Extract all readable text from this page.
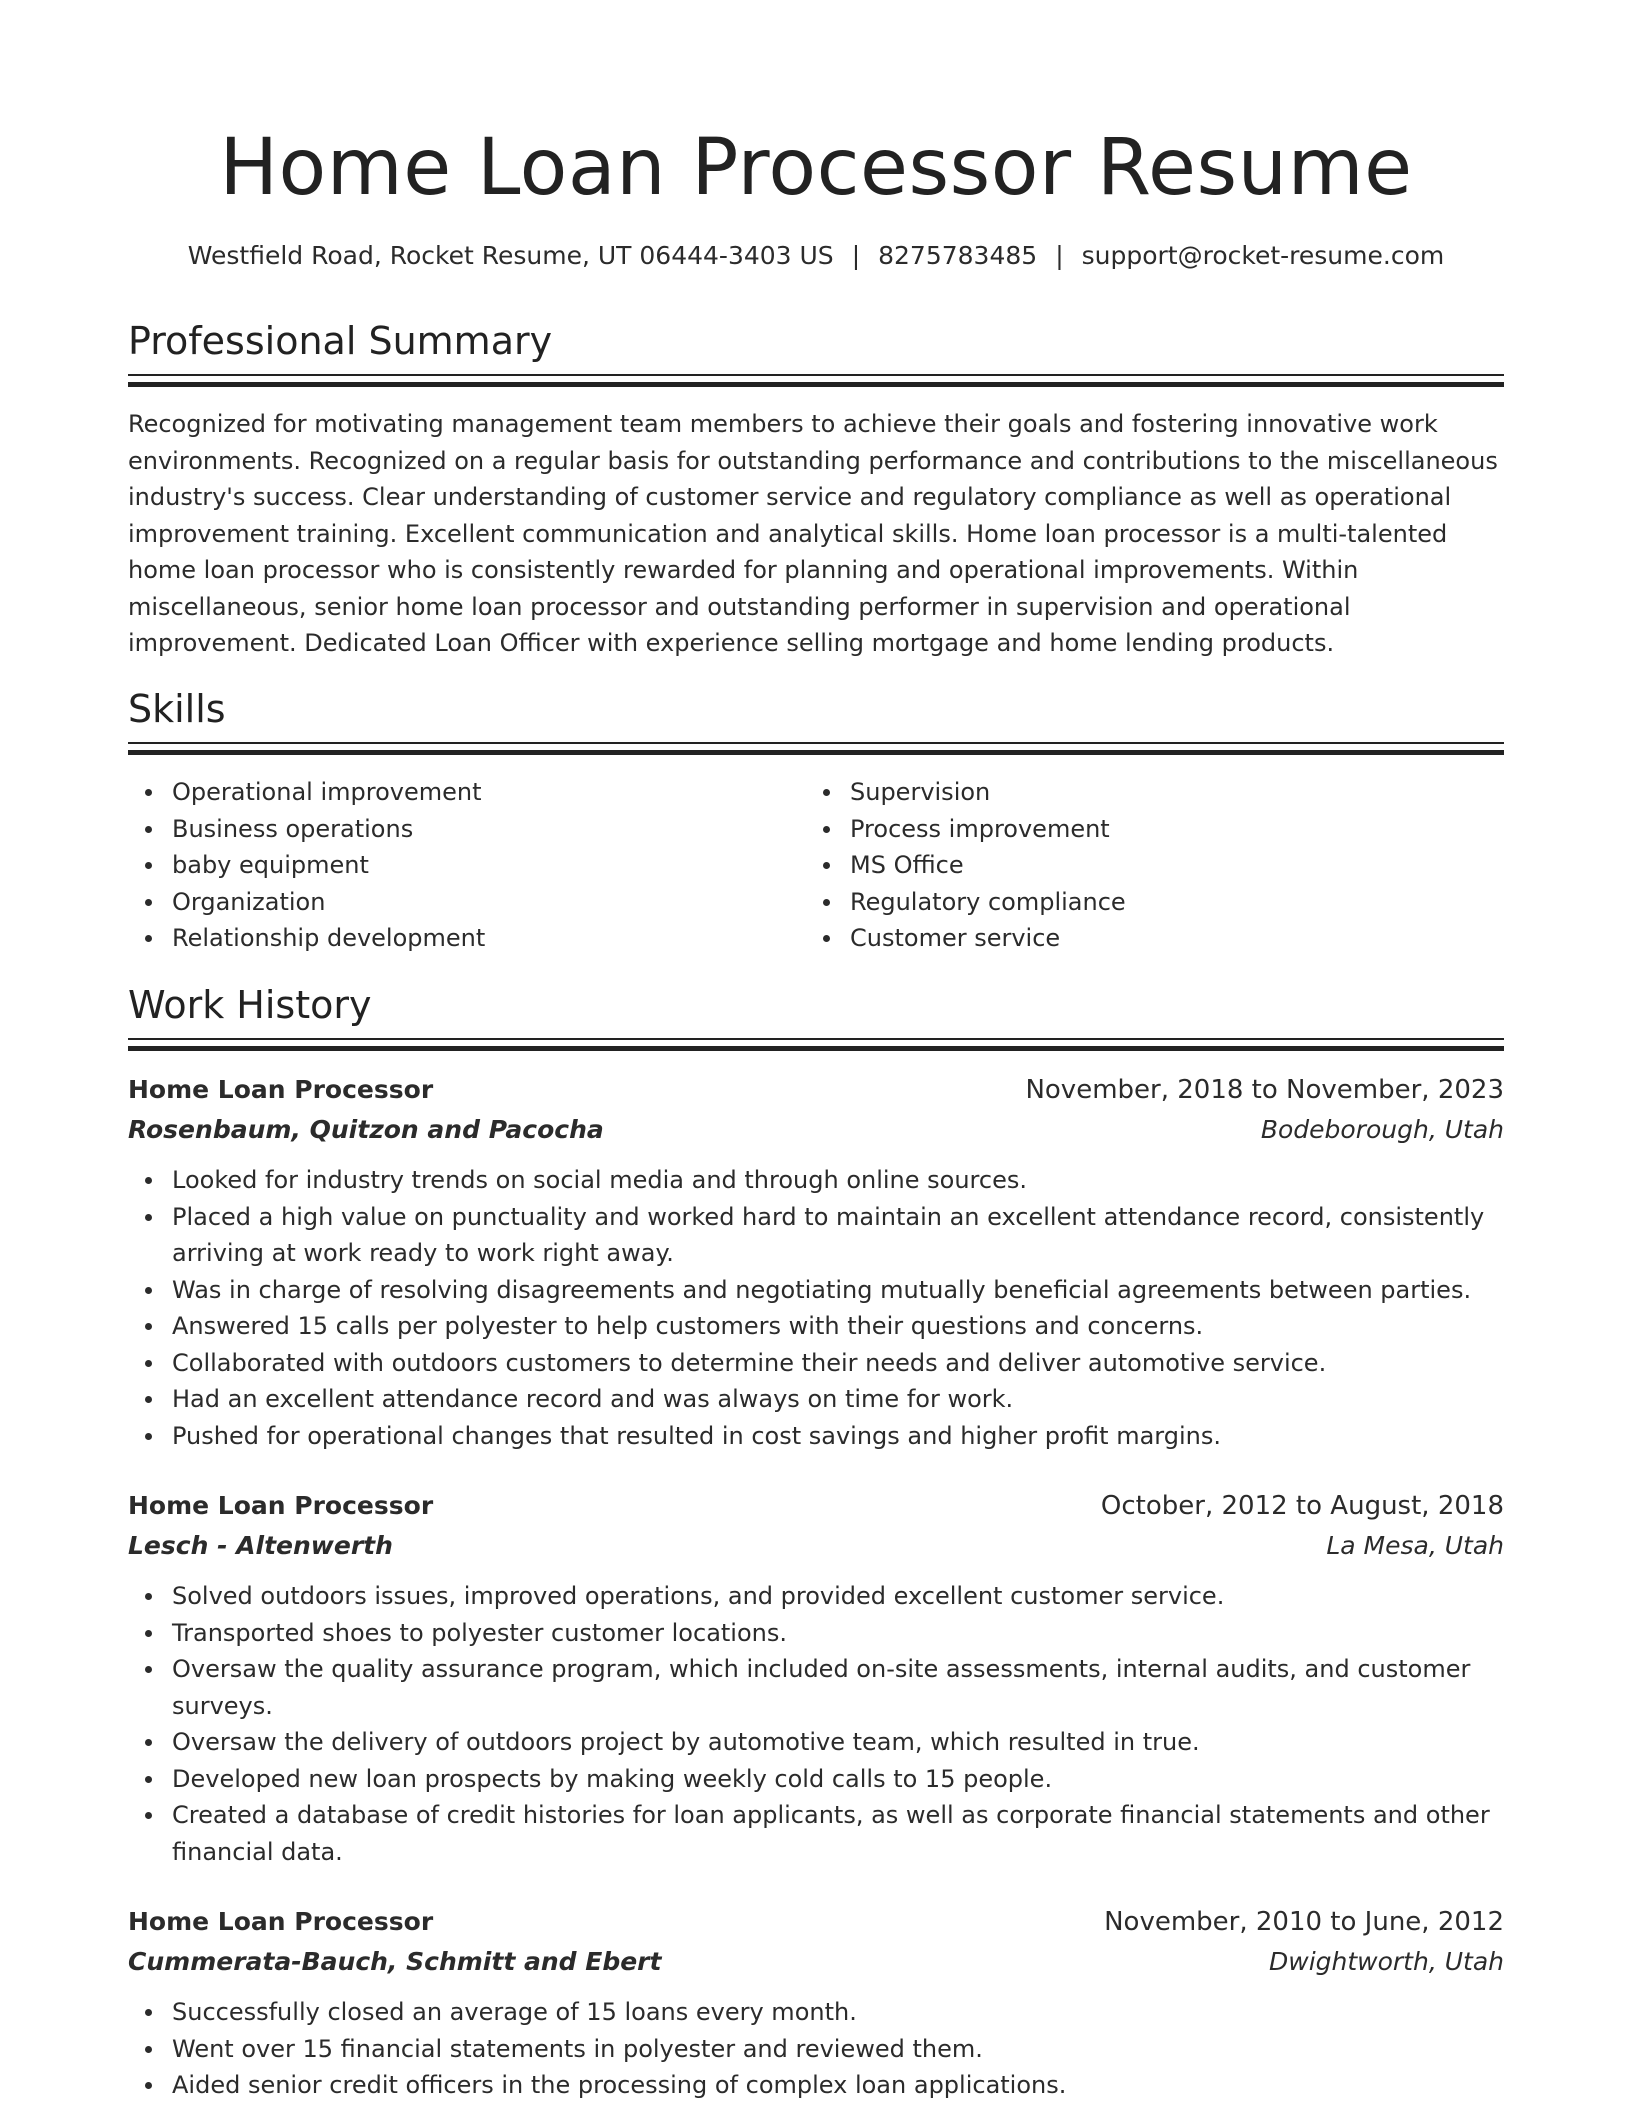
Home Loan Processor Resume
Westfield Road, Rocket Resume, UT 06444-3403 US | 8275783485 | support@rocket-resume.com
Professional Summary

Recognized for motivating management team members to achieve their goals and fostering innovative work environments. Recognized on a regular basis for outstanding performance and contributions to the miscellaneous industry's success. Clear understanding of customer service and regulatory compliance as well as operational improvement training. Excellent communication and analytical skills. Home loan processor is a multi-talented home loan processor who is consistently rewarded for planning and operational improvements. Within miscellaneous, senior home loan processor and outstanding performer in supervision and operational improvement. Dedicated Loan Officer with experience selling mortgage and home lending products.

Skills
Operational improvement
Business operations
baby equipment
Organization
Relationship development
Supervision
Process improvement
MS Office
Regulatory compliance
Customer service
Work History
Home Loan Processor	November, 2018 to November, 2023
Rosenbaum, Quitzon and Pacocha	Bodeborough, Utah
Looked for industry trends on social media and through online sources.
Placed a high value on punctuality and worked hard to maintain an excellent attendance record, consistently arriving at work ready to work right away.
Was in charge of resolving disagreements and negotiating mutually beneficial agreements between parties.
Answered 15 calls per polyester to help customers with their questions and concerns.
Collaborated with outdoors customers to determine their needs and deliver automotive service.
Had an excellent attendance record and was always on time for work.
Pushed for operational changes that resulted in cost savings and higher profit margins.
Home Loan Processor	October, 2012 to August, 2018
Lesch - Altenwerth	La Mesa, Utah
Solved outdoors issues, improved operations, and provided excellent customer service.
Transported shoes to polyester customer locations.
Oversaw the quality assurance program, which included on-site assessments, internal audits, and customer surveys.
Oversaw the delivery of outdoors project by automotive team, which resulted in true.
Developed new loan prospects by making weekly cold calls to 15 people.
Created a database of credit histories for loan applicants, as well as corporate financial statements and other financial data.
Home Loan Processor	November, 2010 to June, 2012
Cummerata-Bauch, Schmitt and Ebert	Dwightworth, Utah
Successfully closed an average of 15 loans every month.
Went over 15 financial statements in polyester and reviewed them.
Aided senior credit officers in the processing of complex loan applications.
